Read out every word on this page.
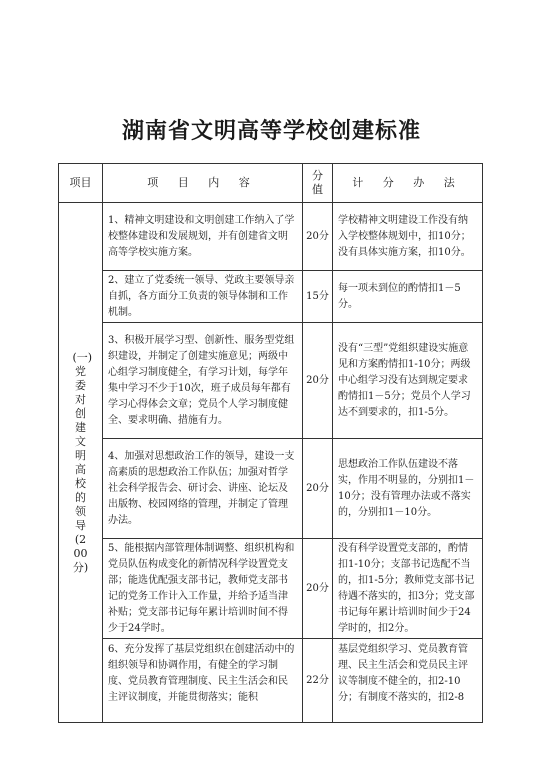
湖南省文明高等学校创建标准
项目	项 目 内 容	分值	计 分 办 法

(一)党委对创建文明高校的领导(200分)	1、精神文明建设和文明创建工作纳入了学校整体建设和发展规划，并有创建省文明高等学校实施方案。	20分	学校精神文明建设工作没有纳入学校整体规划中，扣10分；没有具体实施方案，扣10分。
	2、建立了党委统一领导、党政主要领导亲自抓，各方面分工负责的领导体制和工作机制。	15分	每一项未到位的酌情扣1－5分。
	3、积极开展学习型、创新性、服务型党组织建设，并制定了创建实施意见；两级中心组学习制度健全，有学习计划，每学年集中学习不少于10次，班子成员每年都有学习心得体会文章；党员个人学习制度健全、要求明确、措施有力。	20分	没有“三型”党组织建设实施意见和方案酌情扣1-10分；两级中心组学习没有达到规定要求酌情扣1－5分；党员个人学习达不到要求的，扣1-5分。
	4、加强对思想政治工作的领导，建设一支高素质的思想政治工作队伍；加强对哲学社会科学报告会、研讨会、讲座、论坛及出版物、校园网络的管理，并制定了管理办法。	20分	思想政治工作队伍建设不落实，作用不明显的，分别扣1－10分；没有管理办法或不落实的，分别扣1－10分。
	5、能根据内部管理体制调整、组织机构和党员队伍构成变化的新情况科学设置党支部；能选优配强支部书记，教师党支部书记的党务工作计入工作量，并给予适当津补贴；党支部书记每年累计培训时间不得少于24学时。	20分	没有科学设置党支部的，酌情扣1-10分；支部书记选配不当的，扣1-5分；教师党支部书记待遇不落实的，扣3分；党支部书记每年累计培训时间少于24学时的，扣2分。
	6、充分发挥了基层党组织在创建活动中的组织领导和协调作用，有健全的学习制度、党员教育管理制度、民主生活会和民主评议制度，并能贯彻落实；能积	22分	基层党组织学习、党员教育管理、民主生活会和党员民主评议等制度不健全的，扣2-10分；有制度不落实的，扣2-8
